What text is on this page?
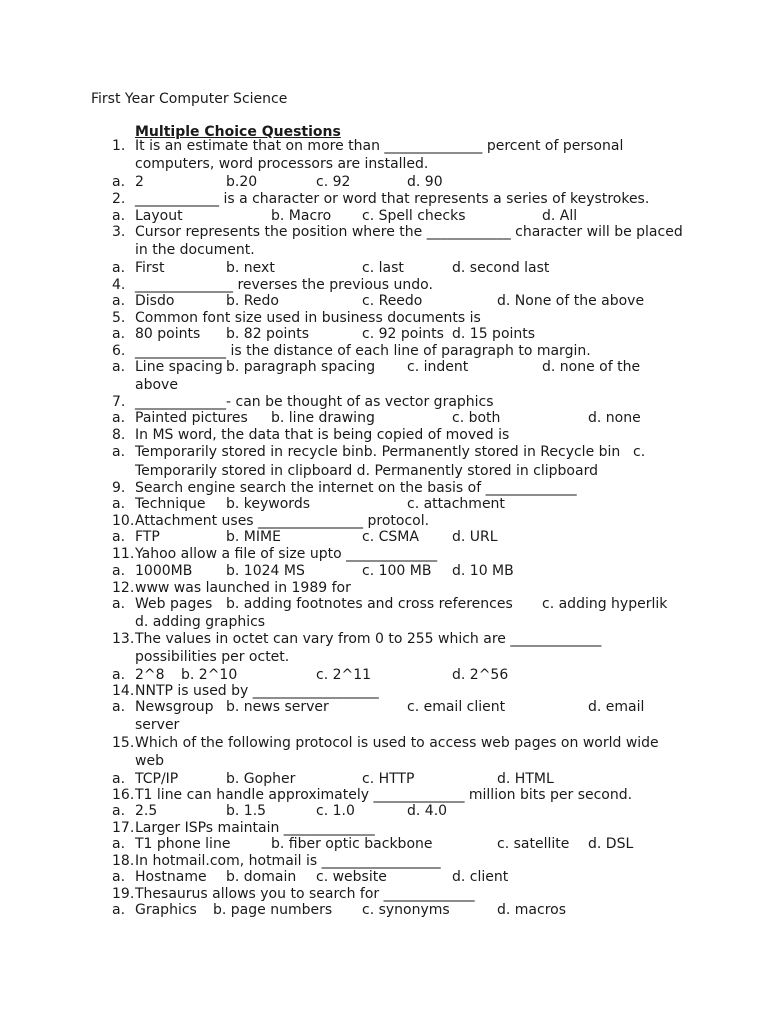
First Year Computer Science
Multiple Choice Questions
1. It is an estimate that on more than ______________ percent of personal
computers, word processors are installed.
a. 2	b.20	c. 92	d. 90
2. ____________ is a character or word that represents a series of keystrokes.
a. Layout	b. Macro c. Spell checks	d. All
3. Cursor represents the position where the ____________ character will be placed
in the document.
a. First	b. next	c. last	d. second last
4. ______________ reverses the previous undo.
a. Disdo	b. Redo	c. Reedo	d. None of the above
5. Common font size used in business documents is
a. 80 points b. 82 points	c. 92 points d. 15 points
6. _____________ is the distance of each line of paragraph to margin.
a. Line spacing b. paragraph spacing c. indent	d. none of the
above
7. _____________- can be thought of as vector graphics
a. Painted pictures b. line drawing	c. both	d. none
8. In MS word, the data that is being copied of moved is
a. Temporarily stored in recycle binb. Permanently stored in Recycle bin c.
Temporarily stored in clipboard d. Permanently stored in clipboard
9. Search engine search the internet on the basis of _____________
a. Technique b. keywords	c. attachment
10. Attachment uses _______________ protocol.
a. FTP	b. MIME	c. CSMA d. URL
11. Yahoo allow a file of size upto _____________
a. 1000MB b. 1024 MS	c. 100 MB d. 10 MB
12. www was launched in 1989 for
a. Web pages b. adding footnotes and cross references c. adding hyperlik
d. adding graphics
13. The values in octet can vary from 0 to 255 which are _____________
possibilities per octet.
a. 2^8 b. 2^10	c. 2^11	d. 2^56
14. NNTP is used by __________________
a. Newsgroup b. news server	c. email client	d. email
server
15. Which of the following protocol is used to access web pages on world wide
web
a. TCP/IP	b. Gopher	c. HTTP	d. HTML
16. T1 line can handle approximately _____________ million bits per second.
a. 2.5	b. 1.5	c. 1.0	d. 4.0
17. Larger ISPs maintain _____________
a. T1 phone line	b. fiber optic backbone	c. satellite d. DSL
18. In hotmail.com, hotmail is _________________
a. Hostname b. domain c. website	d. client
19. Thesaurus allows you to search for _____________
a. Graphics b. page numbers c. synonyms	d. macros
